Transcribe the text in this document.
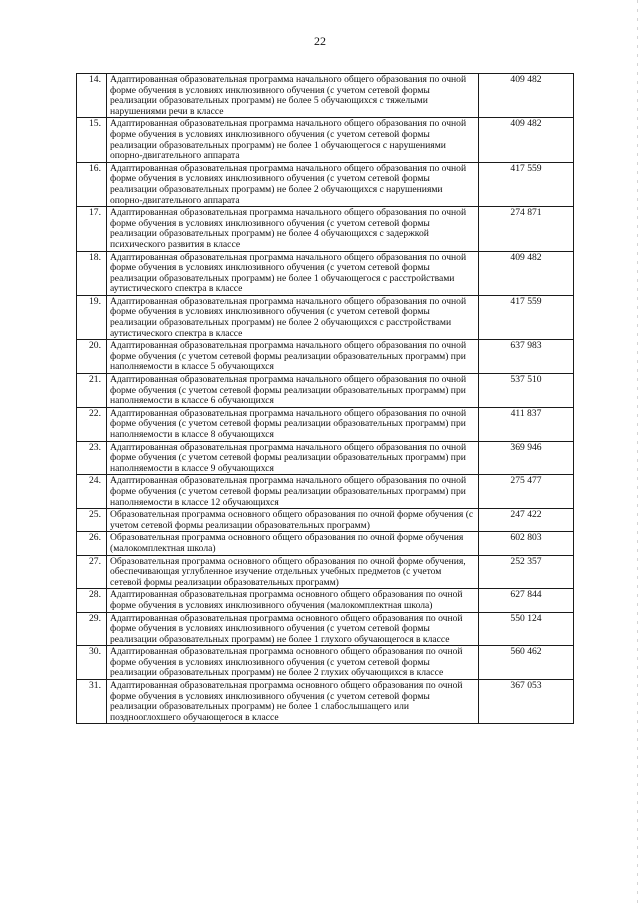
22
14.	Адаптированная образовательная программа начального общего образования по очной форме обучения в условиях инклюзивного обучения (с учетом сетевой формы реализации образовательных программ) не более 5 обучающихся с тяжелыми нарушениями речи в классе	409 482
15.	Адаптированная образовательная программа начального общего образования по очной форме обучения в условиях инклюзивного обучения (с учетом сетевой формы реализации образовательных программ) не более 1 обучающегося с нарушениями опорно-двигательного аппарата	409 482
16.	Адаптированная образовательная программа начального общего образования по очной форме обучения в условиях инклюзивного обучения (с учетом сетевой формы реализации образовательных программ) не более 2 обучающихся с нарушениями опорно-двигательного аппарата	417 559
17.	Адаптированная образовательная программа начального общего образования по очной форме обучения в условиях инклюзивного обучения (с учетом сетевой формы реализации образовательных программ) не более 4 обучающихся с задержкой психического развития в классе	274 871
18.	Адаптированная образовательная программа начального общего образования по очной форме обучения в условиях инклюзивного обучения (с учетом сетевой формы реализации образовательных программ) не более 1 обучающегося с расстройствами аутистического спектра в классе	409 482
19.	Адаптированная образовательная программа начального общего образования по очной форме обучения в условиях инклюзивного обучения (с учетом сетевой формы реализации образовательных программ) не более 2 обучающихся с расстройствами аутистического спектра в классе	417 559
20.	Адаптированная образовательная программа начального общего образования по очной форме обучения (с учетом сетевой формы реализации образовательных программ) при наполняемости в классе 5 обучающихся	637 983
21.	Адаптированная образовательная программа начального общего образования по очной форме обучения (с учетом сетевой формы реализации образовательных программ) при наполняемости в классе 6 обучающихся	537 510
22.	Адаптированная образовательная программа начального общего образования по очной форме обучения (с учетом сетевой формы реализации образовательных программ) при наполняемости в классе 8 обучающихся	411 837
23.	Адаптированная образовательная программа начального общего образования по очной форме обучения (с учетом сетевой формы реализации образовательных программ) при наполняемости в классе 9 обучающихся	369 946
24.	Адаптированная образовательная программа начального общего образования по очной форме обучения (с учетом сетевой формы реализации образовательных программ) при наполняемости в классе 12 обучающихся	275 477
25.	Образовательная программа основного общего образования по очной форме обучения (с учетом сетевой формы реализации образовательных программ)	247 422
26.	Образовательная программа основного общего образования по очной форме обучения (малокомплектная школа)	602 803
27.	Образовательная программа основного общего образования по очной форме обучения, обеспечивающая углубленное изучение отдельных учебных предметов (с учетом сетевой формы реализации образовательных программ)	252 357
28.	Адаптированная образовательная программа основного общего образования по очной форме обучения в условиях инклюзивного обучения (малокомплектная школа)	627 844
29.	Адаптированная образовательная программа основного общего образования по очной форме обучения в условиях инклюзивного обучения (с учетом сетевой формы реализации образовательных программ) не более 1 глухого обучающегося в классе	550 124
30.	Адаптированная образовательная программа основного общего образования по очной форме обучения в условиях инклюзивного обучения (с учетом сетевой формы реализации образовательных программ) не более 2 глухих обучающихся в классе	560 462
31.	Адаптированная образовательная программа основного общего образования по очной форме обучения в условиях инклюзивного обучения (с учетом сетевой формы реализации образовательных программ) не более 1 слабослышащего или позднооглохшего обучающегося в классе	367 053
